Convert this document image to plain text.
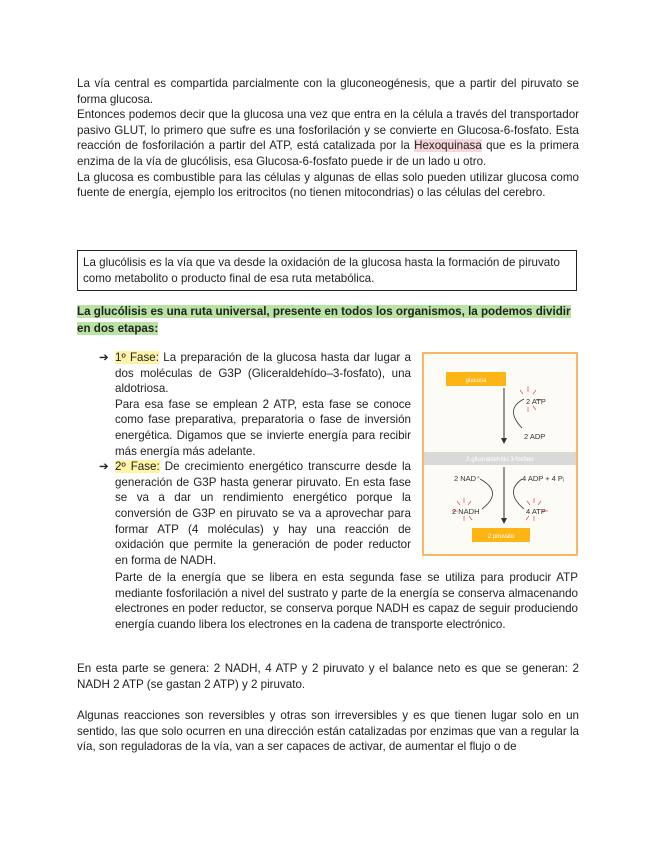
La vía central es compartida parcialmente con la gluconeogénesis, que a partir del piruvato se forma glucosa.

Entonces podemos decir que la glucosa una vez que entra en la célula a través del transportador pasivo GLUT, lo primero que sufre es una fosforilación y se convierte en Glucosa-6-fosfato. Esta reacción de fosforilación a partir del ATP, está catalizada por la Hexoquinasa que es la primera enzima de la vía de glucólisis, esa Glucosa-6-fosfato puede ir de un lado u otro.

La glucosa es combustible para las células y algunas de ellas solo pueden utilizar glucosa como fuente de energía, ejemplo los eritrocitos (no tienen mitocondrias) o las células del cerebro.

La glucólisis es la vía que va desde la oxidación de la glucosa hasta la formación de piruvato como metabolito o producto final de esa ruta metabólica.
La glucólisis es una ruta universal, presente en todos los organismos, la podemos dividir en dos etapas:
➔ 1º Fase: La preparación de la glucosa hasta dar lugar a dos moléculas de G3P (Gliceraldehído–3-fosfato), una aldotriosa.

Para esa fase se emplean 2 ATP, esta fase se conoce como fase preparativa, preparatoria o fase de inversión energética. Digamos que se invierte energía para recibir más energía más adelante.

➔ 2º Fase: De crecimiento energético transcurre desde la generación de G3P hasta generar piruvato. En esta fase se va a dar un rendimiento energético porque la conversión de G3P en piruvato se va a aprovechar para formar ATP (4 moléculas) y hay una reacción de oxidación que permite la generación de poder reductor en forma de NADH.
Parte de la energía que se libera en esta segunda fase se utiliza para producir ATP mediante fosforilación a nivel del sustrato y parte de la energía se conserva almacenando electrones en poder reductor, se conserva porque NADH es capaz de seguir produciendo energía cuando libera los electrones en la cadena de transporte electrónico.
glucosa
2 ATP
2 ADP
2 gliceraldehído 3-fosfato
2 NAD⁺	4 ADP + 4 Pᵢ
2 NADH	4 ATP
2 piruvato
En esta parte se genera: 2 NADH, 4 ATP y 2 piruvato y el balance neto es que se generan: 2 NADH 2 ATP (se gastan 2 ATP) y 2 piruvato.
Algunas reacciones son reversibles y otras son irreversibles y es que tienen lugar solo en un sentido, las que solo ocurren en una dirección están catalizadas por enzimas que van a regular la vía, son reguladoras de la vía, van a ser capaces de activar, de aumentar el flujo o de
